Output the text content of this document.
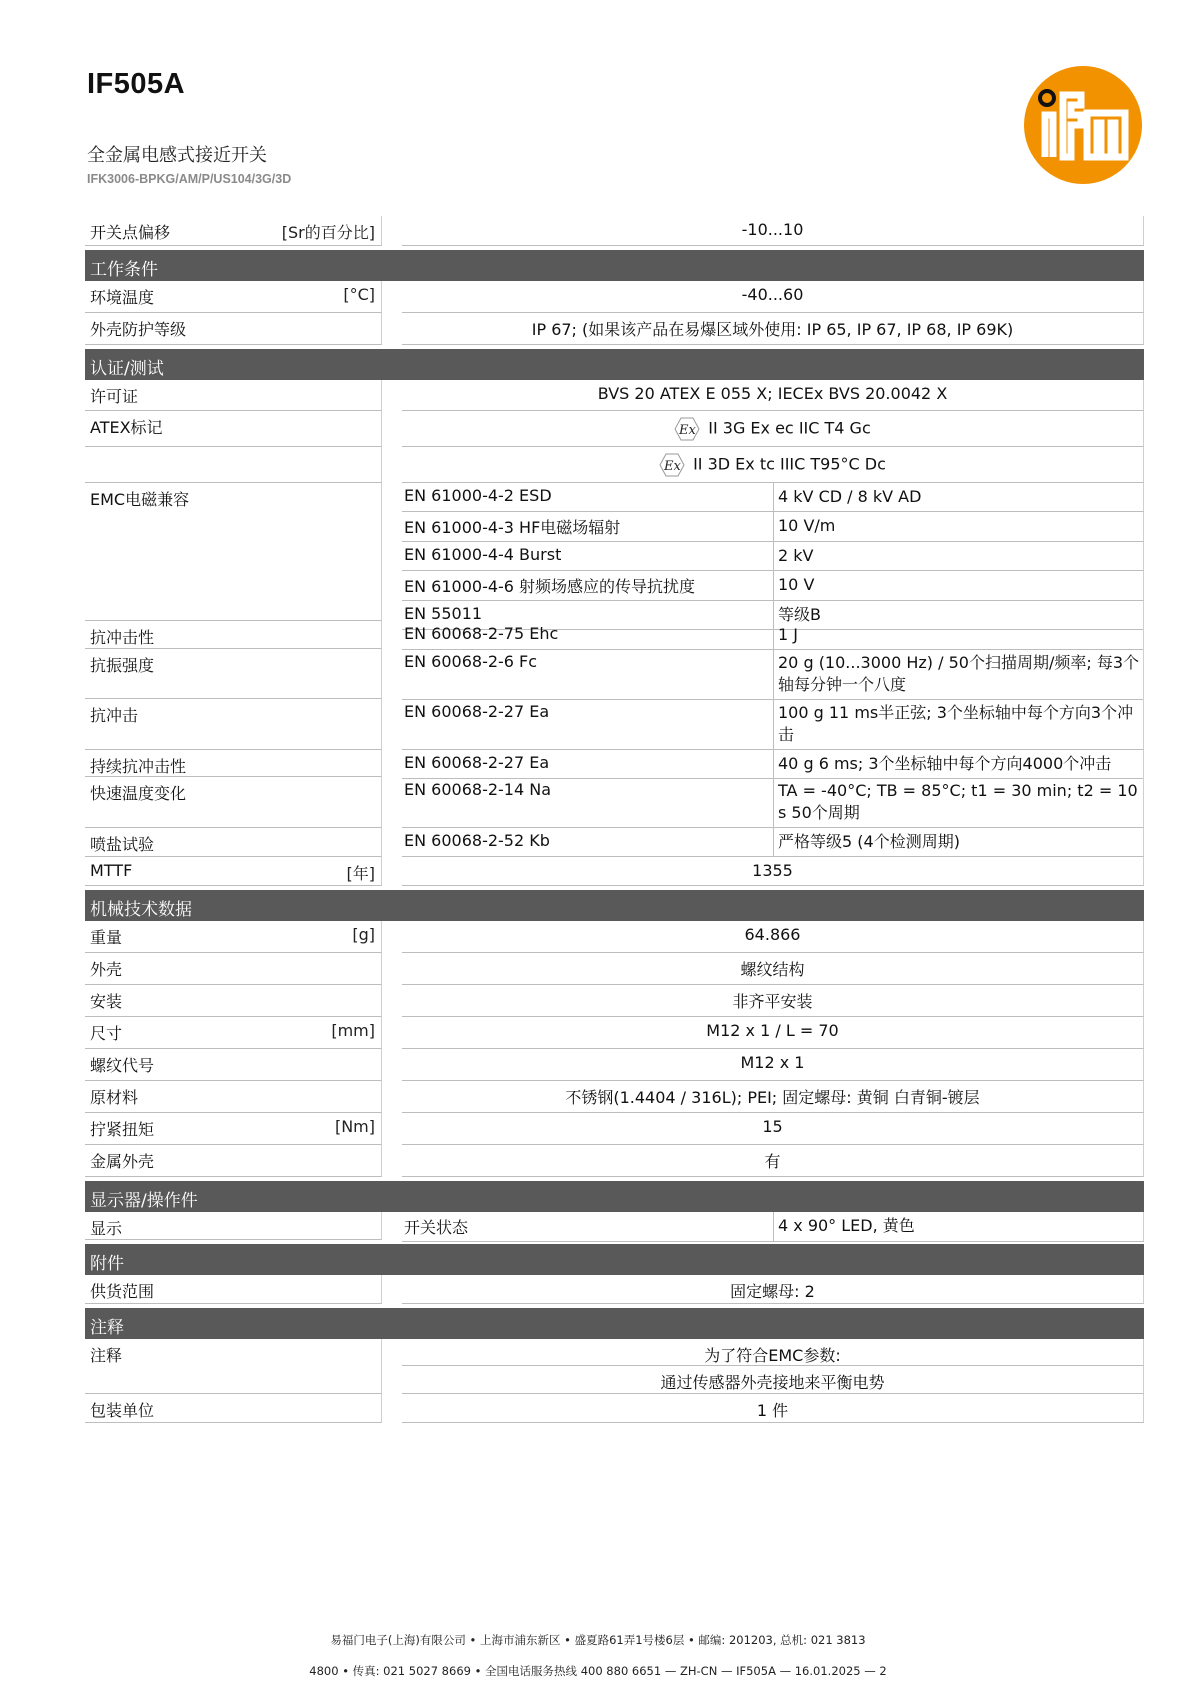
IF505A
全金属电感式接近开关
IFK3006-BPKG/AM/P/US104/3G/3D
开关点偏移	[Sr的百分比]	-10...10
工作条件
环境温度	[°C]	-40...60
外壳防护等级	IP 67; (如果该产品在易爆区域外使用: IP 65, IP 67, IP 68, IP 69K)
认证/测试
许可证	BVS 20 ATEX E 055 X; IECEx BVS 20.0042 X
ATEX标记	Ex II 3G Ex ec IIC T4 Gc
Ex II 3D Ex tc IIIC T95°C Dc
EMC电磁兼容	EN 61000-4-2 ESD	4 kV CD / 8 kV AD
EN 61000-4-3 HF电磁场辐射	10 V/m
EN 61000-4-4 Burst	2 kV
EN 61000-4-6 射频场感应的传导抗扰度	10 V
EN 55011	等级B
抗冲击性	EN 60068-2-75 Ehc	1 J
抗振强度	EN 60068-2-6 Fc	20 g (10...3000 Hz) / 50个扫描周期/频率; 每3个轴每分钟一个八度
抗冲击	EN 60068-2-27 Ea	100 g 11 ms半正弦; 3个坐标轴中每个方向3个冲击
持续抗冲击性	EN 60068-2-27 Ea	40 g 6 ms; 3个坐标轴中每个方向4000个冲击
快速温度变化	EN 60068-2-14 Na	TA = -40°C; TB = 85°C; t1 = 30 min; t2 = 10 s 50个周期
喷盐试验	EN 60068-2-52 Kb	严格等级5 (4个检测周期)
MTTF	[年]	1355
机械技术数据
重量	[g]	64.866
外壳	螺纹结构
安装	非齐平安装
尺寸	[mm]	M12 x 1 / L = 70
螺纹代号	M12 x 1
原材料	不锈钢(1.4404 / 316L); PEI; 固定螺母: 黄铜 白青铜-镀层
拧紧扭矩	[Nm]	15
金属外壳	有
显示器/操作件
显示	开关状态	4 x 90° LED, 黄色
附件
供货范围	固定螺母: 2
注释
注释	为了符合EMC参数:
通过传感器外壳接地来平衡电势
包装单位	1 件
易福门电子(上海)有限公司 • 上海市浦东新区 • 盛夏路61弄1号楼6层 • 邮编: 201203, 总机: 021 3813
4800 • 传真: 021 5027 8669 • 全国电话服务热线 400 880 6651 — ZH-CN — IF505A — 16.01.2025 — 2
